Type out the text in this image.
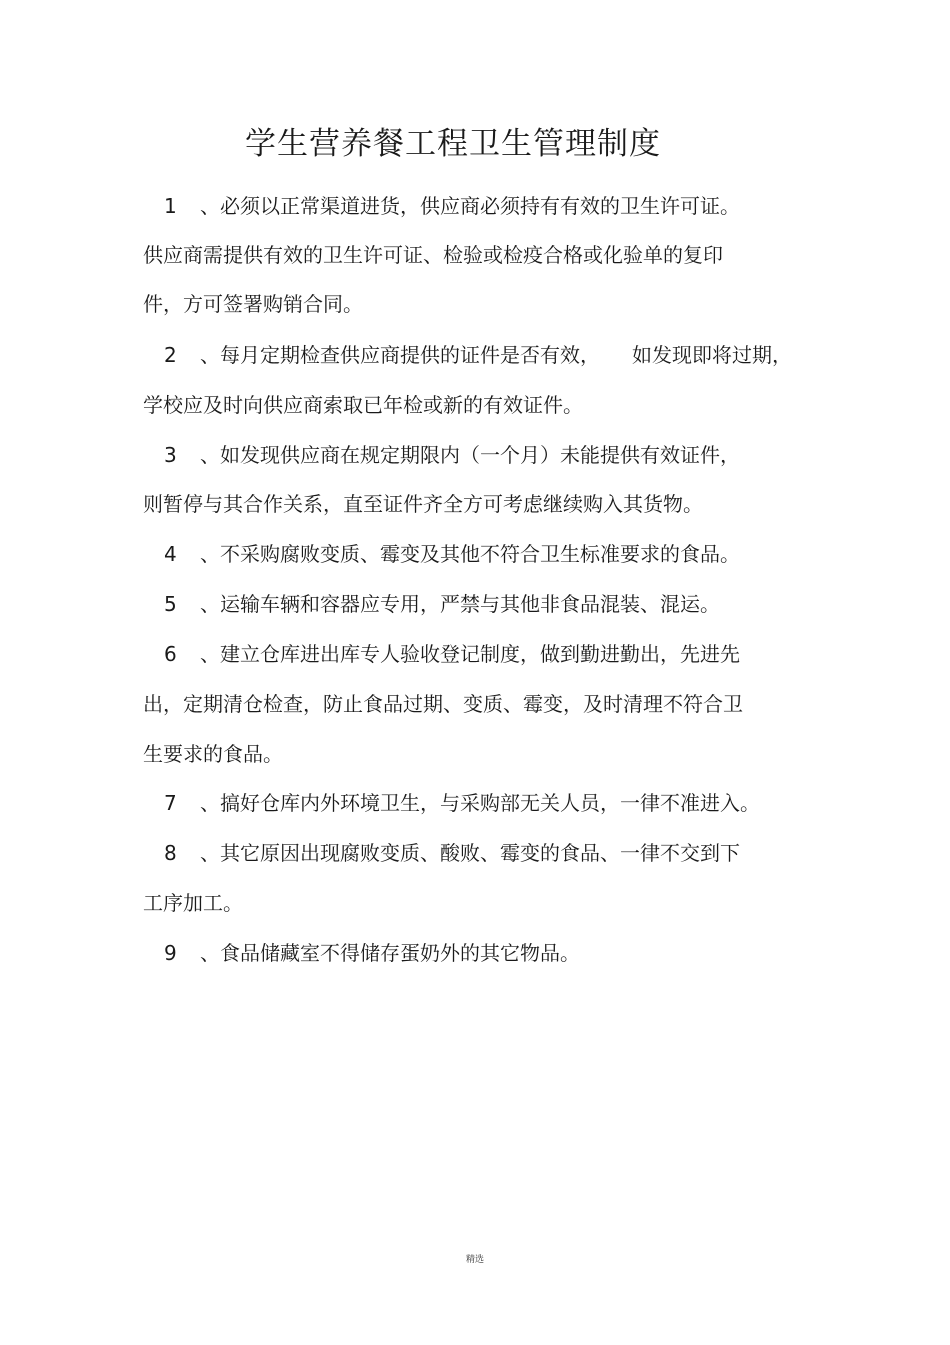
学生营养餐工程卫生管理制度
1 、必须以正常渠道进货，供应商必须持有有效的卫生许可证。
供应商需提供有效的卫生许可证、检验或检疫合格或化验单的复印
件，方可签署购销合同。
2 、每月定期检查供应商提供的证件是否有效， 如发现即将过期，
学校应及时向供应商索取已年检或新的有效证件。
3 、如发现供应商在规定期限内（一个月）未能提供有效证件，
则暂停与其合作关系，直至证件齐全方可考虑继续购入其货物。
4 、不采购腐败变质、霉变及其他不符合卫生标准要求的食品。
5 、运输车辆和容器应专用，严禁与其他非食品混装、混运。
6 、建立仓库进出库专人验收登记制度，做到勤进勤出，先进先
出，定期清仓检查，防止食品过期、变质、霉变，及时清理不符合卫
生要求的食品。
7 、搞好仓库内外环境卫生，与采购部无关人员，一律不准进入。
8 、其它原因出现腐败变质、酸败、霉变的食品、一律不交到下
工序加工。
9 、食品储藏室不得储存蛋奶外的其它物品。
精选
